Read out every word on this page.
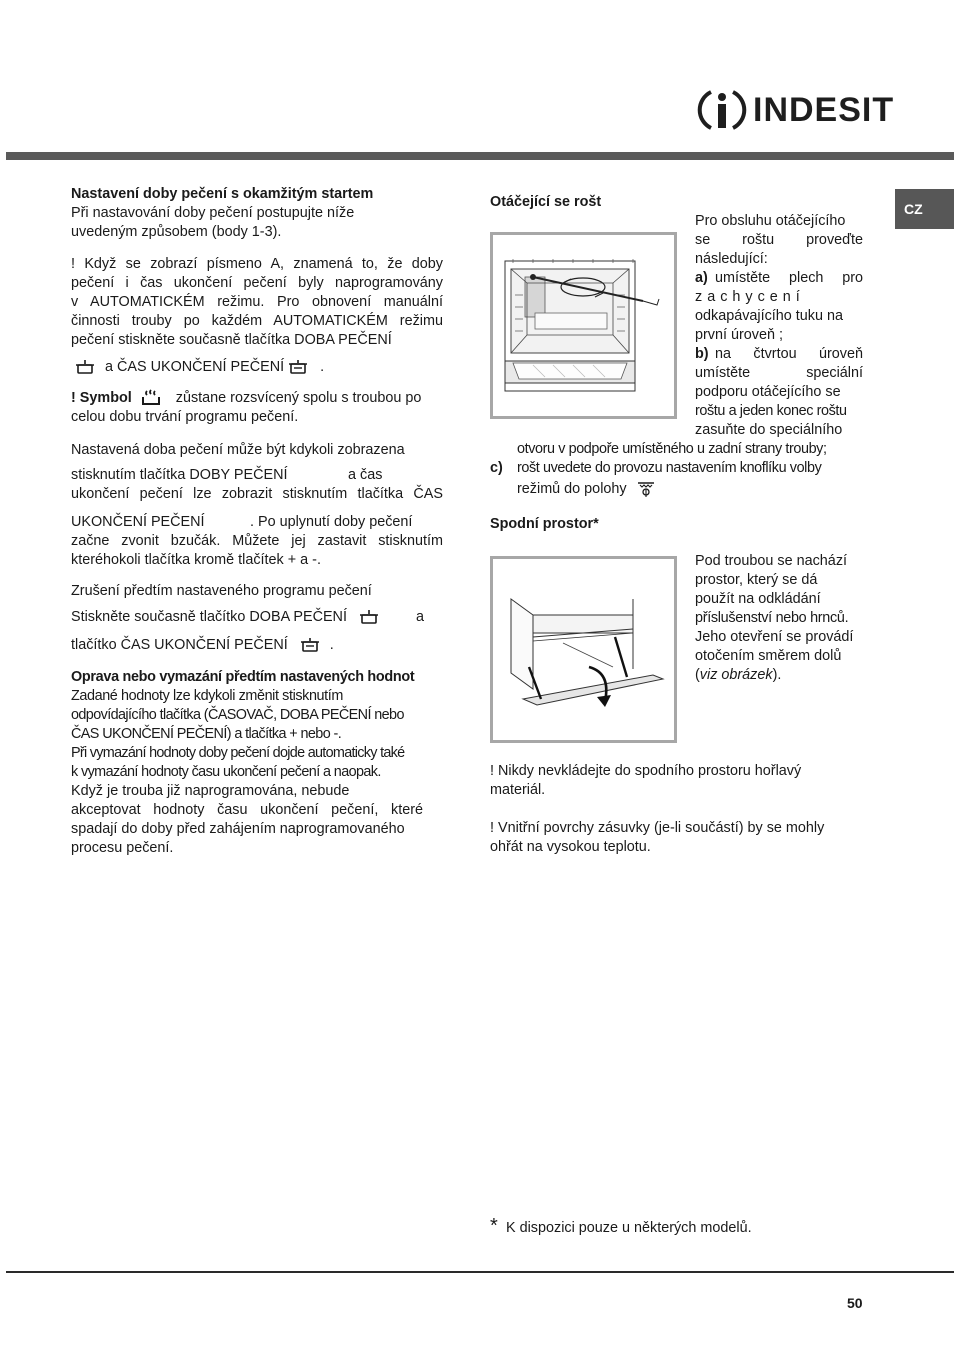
INDESIT
CZ
Nastavení doby pečení s okamžitým startem
Při nastavování doby pečení postupujte níže
uvedeným způsobem (body 1-3).
! Když se zobrazí písmeno A, znamená to, že doby
pečení i čas ukončení pečení byly naprogramovány
v AUTOMATICKÉM režimu. Pro obnovení manuální
činnosti trouby po každém AUTOMATICKÉM režimu
pečení stiskněte současně tlačítka DOBA PEČENÍ
a ČAS UKONČENÍ PEČENÍ	.
! Symbol	zůstane rozsvícený spolu s troubou po
celou dobu trvání programu pečení.
Nastavená doba pečení může být kdykoli zobrazena
stisknutím tlačítka DOBY PEČENÍ	a čas
ukončení pečení lze zobrazit stisknutím tlačítka ČAS
UKONČENÍ PEČENÍ	. Po uplynutí doby pečení
začne zvonit bzučák. Můžete jej zastavit stisknutím
kteréhokoli tlačítka kromě tlačítek + a -.
Zrušení předtím nastaveného programu pečení
Stiskněte současně tlačítko DOBA PEČENÍ	a
tlačítko ČAS UKONČENÍ PEČENÍ	.
Oprava nebo vymazání předtím nastavených hodnot
Zadané hodnoty lze kdykoli změnit stisknutím
odpovídajícího tlačítka (ČASOVAČ, DOBA PEČENÍ nebo
ČAS UKONČENÍ PEČENÍ) a tlačítka + nebo -.
Při vymazání hodnoty doby pečení dojde automaticky také
k vymazání hodnoty času ukončení pečení a naopak.
Když je trouba již naprogramována, nebude
akceptovat hodnoty času ukončení pečení, které
spadají do doby před zahájením naprogramovaného
procesu pečení.
Otáčející se rošt
Pro obsluhu otáčejícího
se roštu proveďte
následující:
a) umístěte plech pro
zachycení
odkapávajícího tuku na
první úroveň ;
b) na čtvrtou úroveň
umístěte speciální
podporu otáčejícího se
roštu a jeden konec roštu
zasuňte do speciálního
otvoru v podpoře umístěného u zadní strany trouby;
c) rošt uvedete do provozu nastavením knoflíku volby
režimů do polohy
Spodní prostor*
Pod troubou se nachází
prostor, který se dá
použít na odkládání
příslušenství nebo hrnců.
Jeho otevření se provádí
otočením směrem dolů
(viz obrázek).
! Nikdy nevkládejte do spodního prostoru hořlavý
materiál.
! Vnitřní povrchy zásuvky (je-li součástí) by se mohly
ohřát na vysokou teplotu.
* K dispozici pouze u některých modelů.
50
